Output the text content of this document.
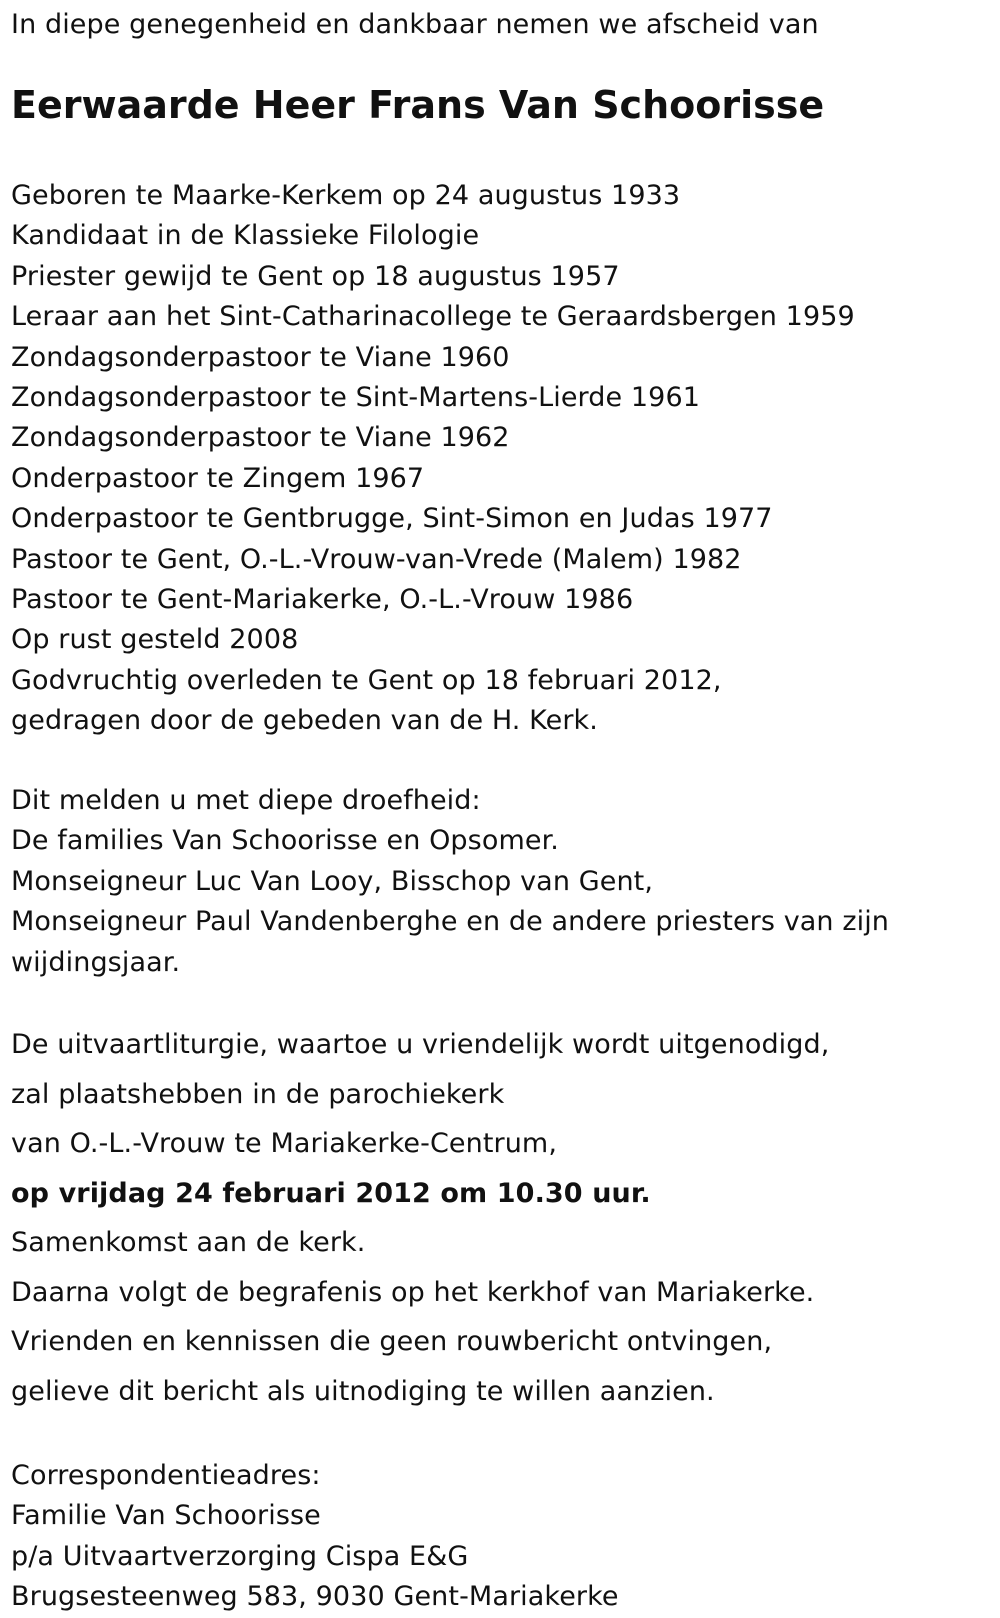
In diepe genegenheid en dankbaar nemen we afscheid van
Eerwaarde Heer Frans Van Schoorisse
Geboren te Maarke-Kerkem op 24 augustus 1933
Kandidaat in de Klassieke Filologie
Priester gewijd te Gent op 18 augustus 1957
Leraar aan het Sint-Catharinacollege te Geraardsbergen 1959
Zondagsonderpastoor te Viane 1960
Zondagsonderpastoor te Sint-Martens-Lierde 1961
Zondagsonderpastoor te Viane 1962
Onderpastoor te Zingem 1967
Onderpastoor te Gentbrugge, Sint-Simon en Judas 1977
Pastoor te Gent, O.-L.-Vrouw-van-Vrede (Malem) 1982
Pastoor te Gent-Mariakerke, O.-L.-Vrouw 1986
Op rust gesteld 2008
Godvruchtig overleden te Gent op 18 februari 2012,
gedragen door de gebeden van de H. Kerk.
Dit melden u met diepe droefheid:
De families Van Schoorisse en Opsomer.
Monseigneur Luc Van Looy, Bisschop van Gent,
Monseigneur Paul Vandenberghe en de andere priesters van zijn
wijdingsjaar.
De uitvaartliturgie, waartoe u vriendelijk wordt uitgenodigd,
zal plaatshebben in de parochiekerk
van O.-L.-Vrouw te Mariakerke-Centrum,
op vrijdag 24 februari 2012 om 10.30 uur.
Samenkomst aan de kerk.
Daarna volgt de begrafenis op het kerkhof van Mariakerke.
Vrienden en kennissen die geen rouwbericht ontvingen,
gelieve dit bericht als uitnodiging te willen aanzien.
Correspondentieadres:
Familie Van Schoorisse
p/a Uitvaartverzorging Cispa E&G
Brugsesteenweg 583, 9030 Gent-Mariakerke
